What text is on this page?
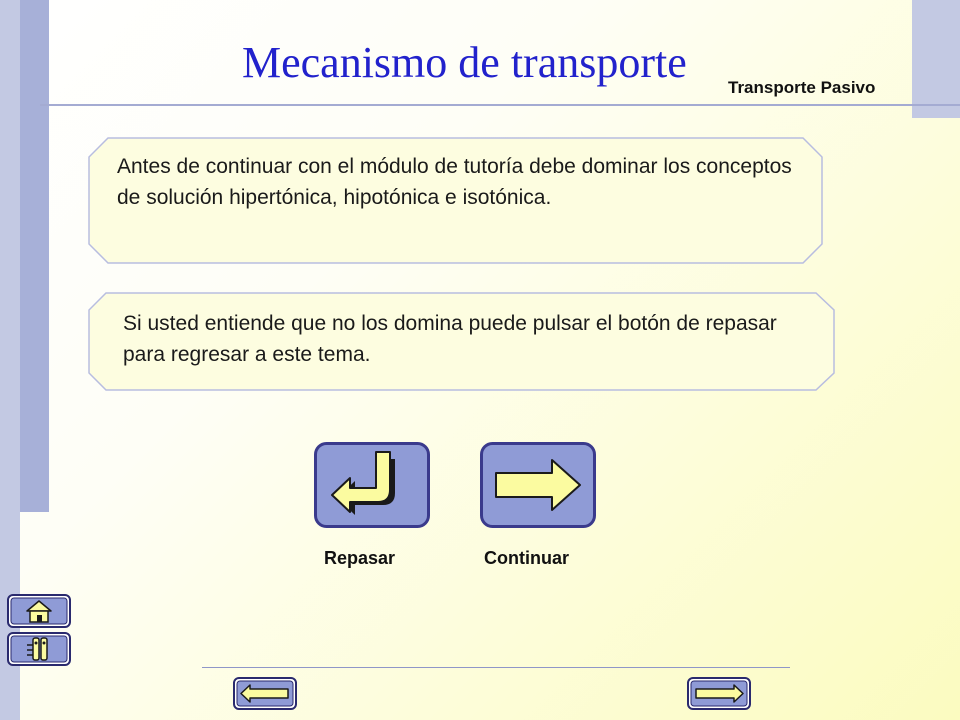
Mecanismo de transporte
Transporte Pasivo
Antes de continuar con el módulo de tutoría debe dominar los conceptos de solución hipertónica, hipotónica e isotónica.
Si usted entiende que no los domina puede pulsar el botón de repasar para regresar a este tema.
Repasar	Continuar
